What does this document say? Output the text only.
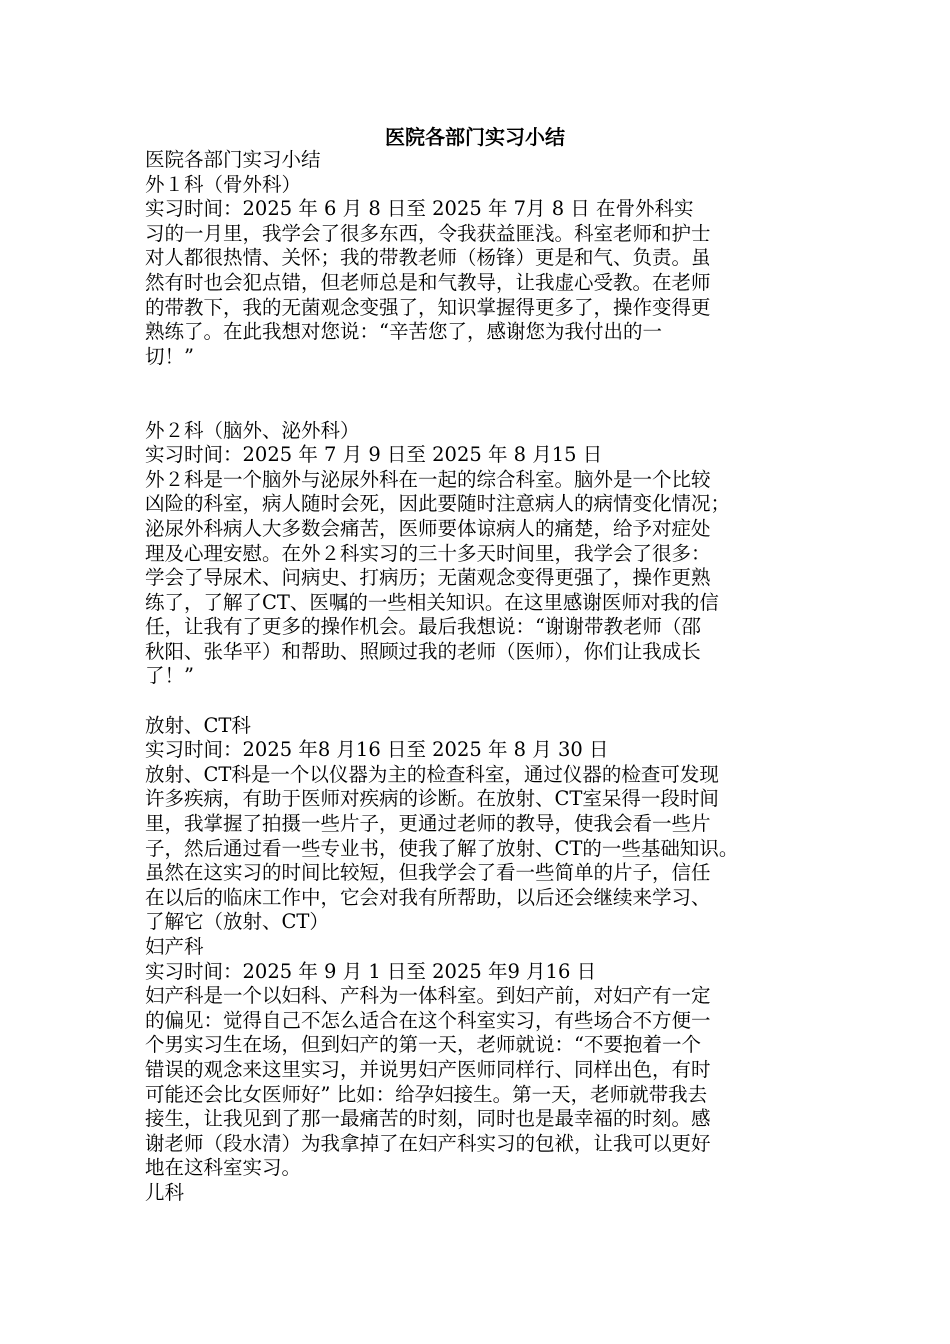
医院各部门实习小结
医院各部门实习小结
外１科（骨外科）
实习时间：2025 年 6 月 8 日至 2025 年 7月 8 日 在骨外科实
习的一月里，我学会了很多东西，令我获益匪浅。科室老师和护士
对人都很热情、关怀；我的带教老师（杨锋）更是和气、负责。虽
然有时也会犯点错，但老师总是和气教导，让我虚心受教。在老师
的带教下，我的无菌观念变强了，知识掌握得更多了，操作变得更
熟练了。在此我想对您说：“辛苦您了，感谢您为我付出的一
切！”
外２科（脑外、泌外科）
实习时间：2025 年 7 月 9 日至 2025 年 8 月15 日
外２科是一个脑外与泌尿外科在一起的综合科室。脑外是一个比较
凶险的科室，病人随时会死，因此要随时注意病人的病情变化情况；
泌尿外科病人大多数会痛苦，医师要体谅病人的痛楚，给予对症处
理及心理安慰。在外２科实习的三十多天时间里，我学会了很多：
学会了导尿术、问病史、打病历；无菌观念变得更强了，操作更熟
练了，了解了CT、医嘱的一些相关知识。在这里感谢医师对我的信
任，让我有了更多的操作机会。最后我想说：“谢谢带教老师（邵
秋阳、张华平）和帮助、照顾过我的老师（医师），你们让我成长
了！”
放射、CT科
实习时间：2025 年8 月16 日至 2025 年 8 月 30 日
放射、CT科是一个以仪器为主的检查科室，通过仪器的检查可发现
许多疾病，有助于医师对疾病的诊断。在放射、CT室呆得一段时间
里，我掌握了拍摄一些片子，更通过老师的教导，使我会看一些片
子，然后通过看一些专业书，使我了解了放射、CT的一些基础知识。
虽然在这实习的时间比较短，但我学会了看一些简单的片子，信任
在以后的临床工作中，它会对我有所帮助，以后还会继续来学习、
了解它（放射、CT）
妇产科
实习时间：2025 年 9 月 1 日至 2025 年9 月16 日
妇产科是一个以妇科、产科为一体科室。到妇产前，对妇产有一定
的偏见：觉得自己不怎么适合在这个科室实习，有些场合不方便一
个男实习生在场，但到妇产的第一天，老师就说：“不要抱着一个
错误的观念来这里实习，并说男妇产医师同样行、同样出色，有时
可能还会比女医师好” 比如：给孕妇接生。第一天，老师就带我去
接生，让我见到了那一最痛苦的时刻，同时也是最幸福的时刻。感
谢老师（段水清）为我拿掉了在妇产科实习的包袱，让我可以更好
地在这科室实习。
儿科
